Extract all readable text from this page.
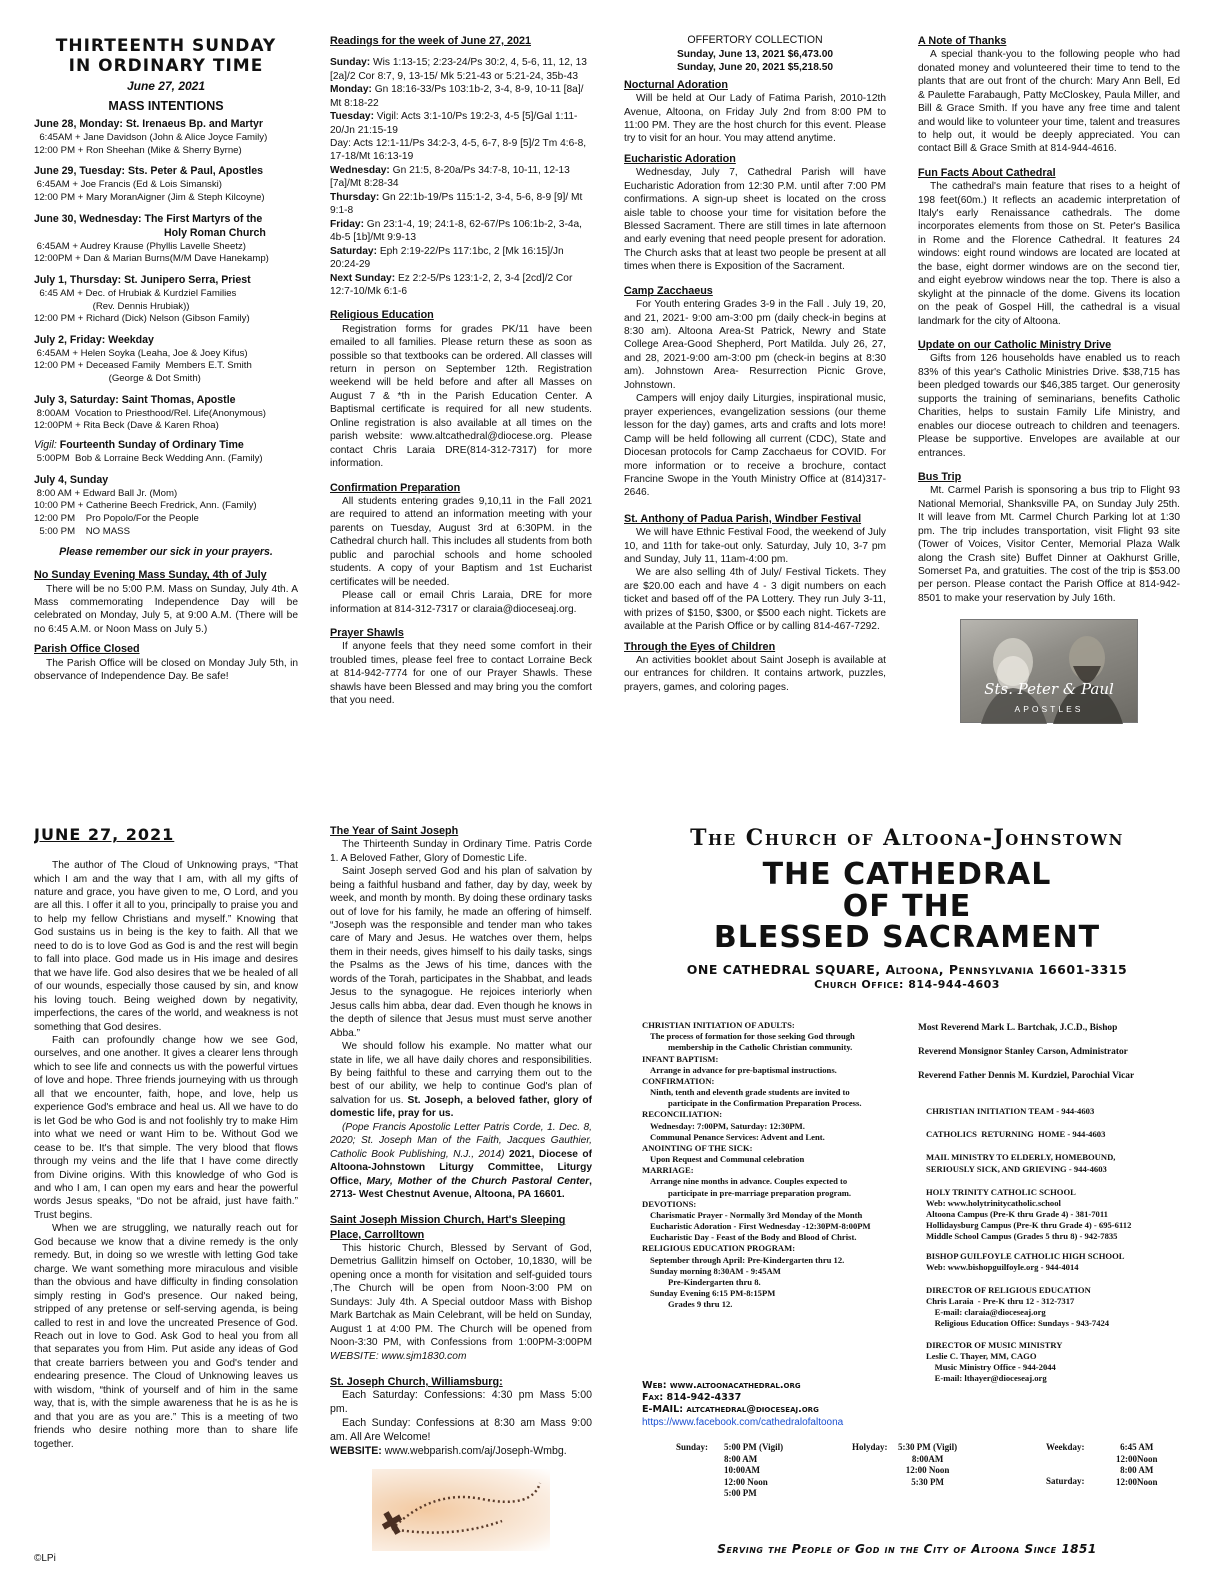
THIRTEENTH SUNDAY
IN ORDINARY TIME
June 27, 2021
MASS INTENTIONS
June 28, Monday: St. Irenaeus Bp. and Martyr
6:45AM + Jane Davidson (John & Alice Joyce Family)
12:00 PM + Ron Sheehan (Mike & Sherry Byrne)
June 29, Tuesday: Sts. Peter & Paul, Apostles
6:45AM + Joe Francis (Ed & Lois Simanski)
12:00 PM + Mary MoranAigner (Jim & Steph Kilcoyne)
June 30, Wednesday: The First Martyrs of the
Holy Roman Church
6:45AM + Audrey Krause (Phyllis Lavelle Sheetz)
12:00PM + Dan & Marian Burns(M/M Dave Hanekamp)
July 1, Thursday: St. Junipero Serra, Priest
6:45 AM + Dec. of Hrubiak & Kurdziel Families
(Rev. Dennis Hrubiak))
12:00 PM + Richard (Dick) Nelson (Gibson Family)
July 2, Friday: Weekday
6:45AM + Helen Soyka (Leaha, Joe & Joey Kifus)
12:00 PM + Deceased Family  Members E.T. Smith
(George & Dot Smith)
July 3, Saturday: Saint Thomas, Apostle
8:00AM  Vocation to Priesthood/Rel. Life(Anonymous)
12:00PM + Rita Beck (Dave & Karen Rhoa)
Vigil: Fourteenth Sunday of Ordinary Time
5:00PM  Bob & Lorraine Beck Wedding Ann. (Family)
July 4, Sunday
8:00 AM + Edward Ball Jr. (Mom)
10:00 PM + Catherine Beech Fredrick, Ann. (Family)
12:00 PM    Pro Popolo/For the People
5:00 PM    NO MASS
Please remember our sick in your prayers.
No Sunday Evening Mass Sunday, 4th of July

There will be no 5:00 P.M. Mass on Sunday, July 4th. A Mass commemorating Independence Day will be celebrated on Monday, July 5, at 9:00 A.M. (There will be no 6:45 A.M. or Noon Mass on July 5.)

Parish Office Closed

The Parish Office will be closed on Monday July 5th, in observance of Independence Day. Be safe!

Readings for the week of June 27, 2021

Sunday: Wis 1:13-15; 2:23-24/Ps 30:2, 4, 5-6, 11, 12, 13 [2a]/2 Cor 8:7, 9, 13-15/ Mk 5:21-43 or 5:21-24, 35b-43

Monday: Gn 18:16-33/Ps 103:1b-2, 3-4, 8-9, 10-11 [8a]/ Mt 8:18-22

Tuesday: Vigil: Acts 3:1-10/Ps 19:2-3, 4-5 [5]/Gal 1:11-20/Jn 21:15-19

Day: Acts 12:1-11/Ps 34:2-3, 4-5, 6-7, 8-9 [5]/2 Tm 4:6-8, 17-18/Mt 16:13-19

Wednesday: Gn 21:5, 8-20a/Ps 34:7-8, 10-11, 12-13 [7a]/Mt 8:28-34

Thursday: Gn 22:1b-19/Ps 115:1-2, 3-4, 5-6, 8-9 [9]/ Mt 9:1-8

Friday: Gn 23:1-4, 19; 24:1-8, 62-67/Ps 106:1b-2, 3-4a, 4b-5 [1b]/Mt 9:9-13

Saturday: Eph 2:19-22/Ps 117:1bc, 2 [Mk 16:15]/Jn 20:24-29

Next Sunday: Ez 2:2-5/Ps 123:1-2, 2, 3-4 [2cd]/2 Cor 12:7-10/Mk 6:1-6

Religious Education

Registration forms for grades PK/11 have been emailed to all families. Please return these as soon as possible so that textbooks can be ordered. All classes will return in person on September 12th. Registration weekend will be held before and after all Masses on August 7 & *th in the Parish Education Center. A Baptismal certificate is required for all new students. Online registration is also available at all times on the parish website: www.altcathedral@diocese.org. Please contact Chris Laraia DRE(814-312-7317) for more information.

Confirmation Preparation

All students entering grades 9,10,11 in the Fall 2021 are required to attend an information meeting with your parents on Tuesday, August 3rd at 6:30PM. in the Cathedral church hall. This includes all students from both public and parochial schools and home schooled students. A copy of your Baptism and 1st Eucharist certificates will be needed.

Please call or email Chris Laraia, DRE for more information at 814-312-7317 or claraia@dioceseaj.org.

Prayer Shawls

If anyone feels that they need some comfort in their troubled times, please feel free to contact Lorraine Beck at 814-942-7774 for one of our Prayer Shawls. These shawls have been Blessed and may bring you the comfort that you need.

OFFERTORY COLLECTION
Sunday, June 13, 2021 $6,473.00
Sunday, June 20, 2021 $5,218.50
Nocturnal Adoration

Will be held at Our Lady of Fatima Parish, 2010-12th Avenue, Altoona, on Friday July 2nd from 8:00 PM to 11:00 PM. They are the host church for this event. Please try to visit for an hour. You may attend anytime.

Eucharistic Adoration

Wednesday, July 7, Cathedral Parish will have Eucharistic Adoration from 12:30 P.M. until after 7:00 PM confirmations. A sign-up sheet is located on the cross aisle table to choose your time for visitation before the Blessed Sacrament. There are still times in late afternoon and early evening that need people present for adoration. The Church asks that at least two people be present at all times when there is Exposition of the Sacrament.

Camp Zacchaeus

For Youth entering Grades 3-9 in the Fall . July 19, 20, and 21, 2021- 9:00 am-3:00 pm (daily check-in begins at 8:30 am). Altoona Area-St Patrick, Newry and State College Area-Good Shepherd, Port Matilda. July 26, 27, and 28, 2021-9:00 am-3:00 pm (check-in begins at 8:30 am). Johnstown Area- Resurrection Picnic Grove, Johnstown.

Campers will enjoy daily Liturgies, inspirational music, prayer experiences, evangelization sessions (our theme lesson for the day) games, arts and crafts and lots more! Camp will be held following all current (CDC), State and Diocesan protocols for Camp Zacchaeus for COVID. For more information or to receive a brochure, contact Francine Swope in the Youth Ministry Office at (814)317-2646.

St. Anthony of Padua Parish, Windber Festival

We will have Ethnic Festival Food, the weekend of July 10, and 11th for take-out only. Saturday, July 10, 3-7 pm and Sunday, July 11, 11am-4:00 pm.

We are also selling 4th of July/ Festival Tickets. They are $20.00 each and have 4 - 3 digit numbers on each ticket and based off of the PA Lottery. They run July 3-11, with prizes of $150, $300, or $500 each night. Tickets are available at the Parish Office or by calling 814-467-7292.

Through the Eyes of Children

An activities booklet about Saint Joseph is available at our entrances for children. It contains artwork, puzzles, prayers, games, and coloring pages.

A Note of Thanks

A special thank-you to the following people who had donated money and volunteered their time to tend to the plants that are out front of the church: Mary Ann Bell, Ed & Paulette Farabaugh, Patty McCloskey, Paula Miller, and Bill & Grace Smith. If you have any free time and talent and would like to volunteer your time, talent and treasures to help out, it would be deeply appreciated. You can contact Bill & Grace Smith at 814-944-4616.

Fun Facts About Cathedral

The cathedral's main feature that rises to a height of 198 feet(60m.) It reflects an academic interpretation of Italy's early Renaissance cathedrals. The dome incorporates elements from those on St. Peter's Basilica in Rome and the Florence Cathedral. It features 24 windows: eight round windows are located are located at the base, eight dormer windows are on the second tier, and eight eyebrow windows near the top. There is also a skylight at the pinnacle of the dome. Givens its location on the peak of Gospel Hill, the cathedral is a visual landmark for the city of Altoona.

Update on our Catholic Ministry Drive

Gifts from 126 households have enabled us to reach 83% of this year's Catholic Ministries Drive. $38,715 has been pledged towards our $46,385 target. Our generosity supports the training of seminarians, benefits Catholic Charities, helps to sustain Family Life Ministry, and enables our diocese outreach to children and teenagers. Please be supportive. Envelopes are available at our entrances.

Bus Trip

Mt. Carmel Parish is sponsoring a bus trip to Flight 93 National Memorial, Shanksville PA, on Sunday July 25th. It will leave from Mt. Carmel Church Parking lot at 1:30 pm. The trip includes transportation, visit Flight 93 site (Tower of Voices, Visitor Center, Memorial Plaza Walk along the Crash site) Buffet Dinner at Oakhurst Grille, Somerset Pa, and gratuities. The cost of the trip is $53.00 per person. Please contact the Parish Office at 814-942-8501 to make your reservation by July 16th.

Sts. Peter & Paul
APOSTLES
JUNE 27, 2021

The author of The Cloud of Unknowing prays, “That which I am and the way that I am, with all my gifts of nature and grace, you have given to me, O Lord, and you are all this. I offer it all to you, principally to praise you and to help my fellow Christians and myself.” Knowing that God sustains us in being is the key to faith. All that we need to do is to love God as God is and the rest will begin to fall into place. God made us in His image and desires that we have life. God also desires that we be healed of all of our wounds, especially those caused by sin, and know his loving touch. Being weighed down by negativity, imperfections, the cares of the world, and weakness is not something that God desires.

Faith can profoundly change how we see God, ourselves, and one another. It gives a clearer lens through which to see life and connects us with the powerful virtues of love and hope. Three friends journeying with us through all that we encounter, faith, hope, and love, help us experience God's embrace and heal us. All we have to do is let God be who God is and not foolishly try to make Him into what we need or want Him to be. Without God we cease to be. It's that simple. The very blood that flows through my veins and the life that I have come directly from Divine origins. With this knowledge of who God is and who I am, I can open my ears and hear the powerful words Jesus speaks, “Do not be afraid, just have faith.” Trust begins.

When we are struggling, we naturally reach out for God because we know that a divine remedy is the only remedy. But, in doing so we wrestle with letting God take charge. We want something more miraculous and visible than the obvious and have difficulty in finding consolation simply resting in God's presence. Our naked being, stripped of any pretense or self-serving agenda, is being called to rest in and love the uncreated Presence of God. Reach out in love to God. Ask God to heal you from all that separates you from Him. Put aside any ideas of God that create barriers between you and God's tender and endearing presence. The Cloud of Unknowing leaves us with wisdom, “think of yourself and of him in the same way, that is, with the simple awareness that he is as he is and that you are as you are.” This is a meeting of two friends who desire nothing more than to share life together.

©LPi
The Year of Saint Joseph

The Thirteenth Sunday in Ordinary Time. Patris Corde 1. A Beloved Father, Glory of Domestic Life.

Saint Joseph served God and his plan of salvation by being a faithful husband and father, day by day, week by week, and month by month. By doing these ordinary tasks out of love for his family, he made an offering of himself. “Joseph was the responsible and tender man who takes care of Mary and Jesus. He watches over them, helps them in their needs, gives himself to his daily tasks, sings the Psalms as the Jews of his time, dances with the words of the Torah, participates in the Shabbat, and leads Jesus to the synagogue. He rejoices interiorly when Jesus calls him abba, dear dad. Even though he knows in the depth of silence that Jesus must must serve another Abba.”

We should follow his example. No matter what our state in life, we all have daily chores and responsibilities. By being faithful to these and carrying them out to the best of our ability, we help to continue God's plan of salvation for us. St. Joseph, a beloved father, glory of domestic life, pray for us.

(Pope Francis Apostolic Letter Patris Corde, 1. Dec. 8, 2020; St. Joseph Man of the Faith, Jacques Gauthier, Catholic Book Publishing, N.J., 2014) 2021, Diocese of Altoona-Johnstown Liturgy Committee, Liturgy Office, Mary, Mother of the Church Pastoral Center, 2713- West Chestnut Avenue, Altoona, PA 16601.

Saint Joseph Mission Church, Hart's Sleeping Place, Carrolltown

This historic Church, Blessed by Servant of God, Demetrius Gallitzin himself on October, 10,1830, will be opening once a month for visitation and self-guided tours ,The Church will be open from Noon-3:00 PM on Sundays: July 4th. A Special outdoor Mass with Bishop Mark Bartchak as Main Celebrant, will be held on Sunday, August 1 at 4:00 PM. The Church will be opened from Noon-3:30 PM, with Confessions from 1:00PM-3:00PM WEBSITE: www.sjm1830.com

St. Joseph Church, Williamsburg:

Each Saturday: Confessions: 4:30 pm Mass 5:00 pm.

Each Sunday: Confessions at 8:30 am Mass 9:00 am. All Are Welcome!

WEBSITE: www.webparish.com/aj/Joseph-Wmbg.

The Church of Altoona-Johnstown
THE CATHEDRAL
OF THE
BLESSED SACRAMENT
ONE CATHEDRAL SQUARE, Altoona, Pennsylvania 16601-3315
Church Office: 814-944-4603
CHRISTIAN INITIATION OF ADULTS:
The process of formation for those seeking God through
membership in the Catholic Christian community.
INFANT BAPTISM:
Arrange in advance for pre-baptismal instructions.
CONFIRMATION:
Ninth, tenth and eleventh grade students are invited to
participate in the Confirmation Preparation Process.
RECONCILIATION:
Wednesday: 7:00PM, Saturday: 12:30PM.
Communal Penance Services: Advent and Lent.
ANOINTING OF THE SICK:
Upon Request and Communal celebration
MARRIAGE:
Arrange nine months in advance. Couples expected to
participate in pre-marriage preparation program.
DEVOTIONS:
Charismatic Prayer - Normally 3rd Monday of the Month
Eucharistic Adoration - First Wednesday -12:30PM-8:00PM
Eucharistic Day - Feast of the Body and Blood of Christ.
RELIGIOUS EDUCATION PROGRAM:
September through April: Pre-Kindergarten thru 12.
Sunday morning 8:30AM - 9:45AM
Pre-Kindergarten thru 8.
Sunday Evening 6:15 PM-8:15PM
Grades 9 thru 12.
Web: www.altoonacathedral.org
Fax: 814-942-4337
E-MAIL: altcathedral@dioceseaj.org
https://www.facebook.com/cathedralofaltoona
Most Reverend Mark L. Bartchak, J.C.D., Bishop
Reverend Monsignor Stanley Carson, Administrator
Reverend Father Dennis M. Kurdziel, Parochial Vicar
CHRISTIAN INITIATION TEAM - 944-4603
CATHOLICS  RETURNING  HOME - 944-4603
MAIL MINISTRY TO ELDERLY, HOMEBOUND,
SERIOUSLY SICK, AND GRIEVING - 944-4603
HOLY TRINITY CATHOLIC SCHOOL
Web: www.holytrinitycatholic.school
Altoona Campus (Pre-K thru Grade 4) - 381-7011
Hollidaysburg Campus (Pre-K thru Grade 4) - 695-6112
Middle School Campus (Grades 5 thru 8) - 942-7835
BISHOP GUILFOYLE CATHOLIC HIGH SCHOOL
Web: www.bishopguilfoyle.org - 944-4014
DIRECTOR OF RELIGIOUS EDUCATION
Chris Laraia  - Pre-K thru 12 - 312-7317
E-mail: claraia@dioceseaj.org
Religious Education Office: Sundays - 943-7424
DIRECTOR OF MUSIC MINISTRY
Leslie C. Thayer, MM, CAGO
Music Ministry Office - 944-2044
E-mail: lthayer@dioceseaj.org
Sunday: 5:00 PM (Vigil)
8:00 AM
10:00AM
12:00 Noon
5:00 PM
Holyday: 5:30 PM (Vigil)
8:00AM
12:00 Noon
5:30 PM
Weekday:	6:45 AM
12:00Noon
Saturday:
8:00 AM
12:00Noon
Serving the People of God in the City of Altoona Since 1851
